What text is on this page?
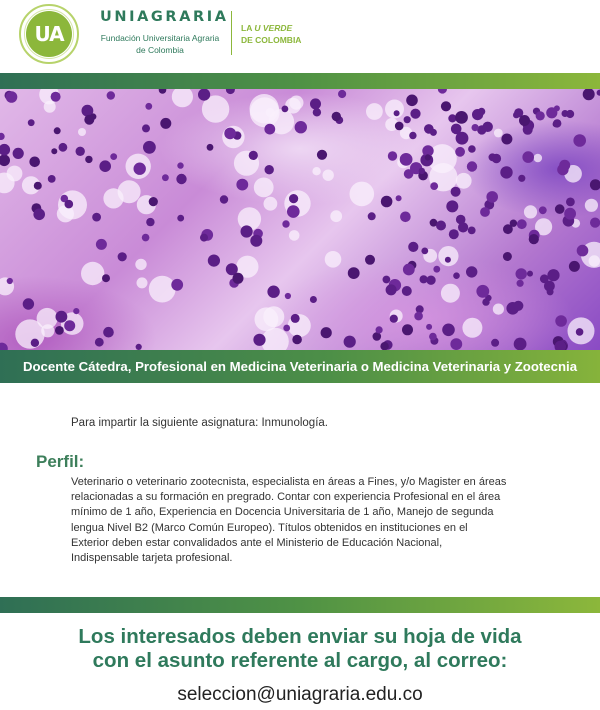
UA
UNIAGRARIA
Fundación Universitaria Agraria
de Colombia
LA U VERDE
DE COLOMBIA
Docente Cátedra, Profesional en Medicina Veterinaria o Medicina Veterinaria y Zootecnia
Para impartir la siguiente asignatura: Inmunología.
Perfil:
Veterinario o veterinario zootecnista, especialista en áreas a Fines, y/o Magister en áreas
relacionadas a su formación en pregrado. Contar con experiencia Profesional en el área
mínimo de 1 año, Experiencia en Docencia Universitaria de 1 año, Manejo de segunda
lengua Nivel B2 (Marco Común Europeo). Títulos obtenidos en instituciones en el
Exterior deben estar convalidados ante el Ministerio de Educación Nacional,
Indispensable tarjeta profesional.
Los interesados deben enviar su hoja de vida
con el asunto referente al cargo, al correo:
seleccion@uniagraria.edu.co
